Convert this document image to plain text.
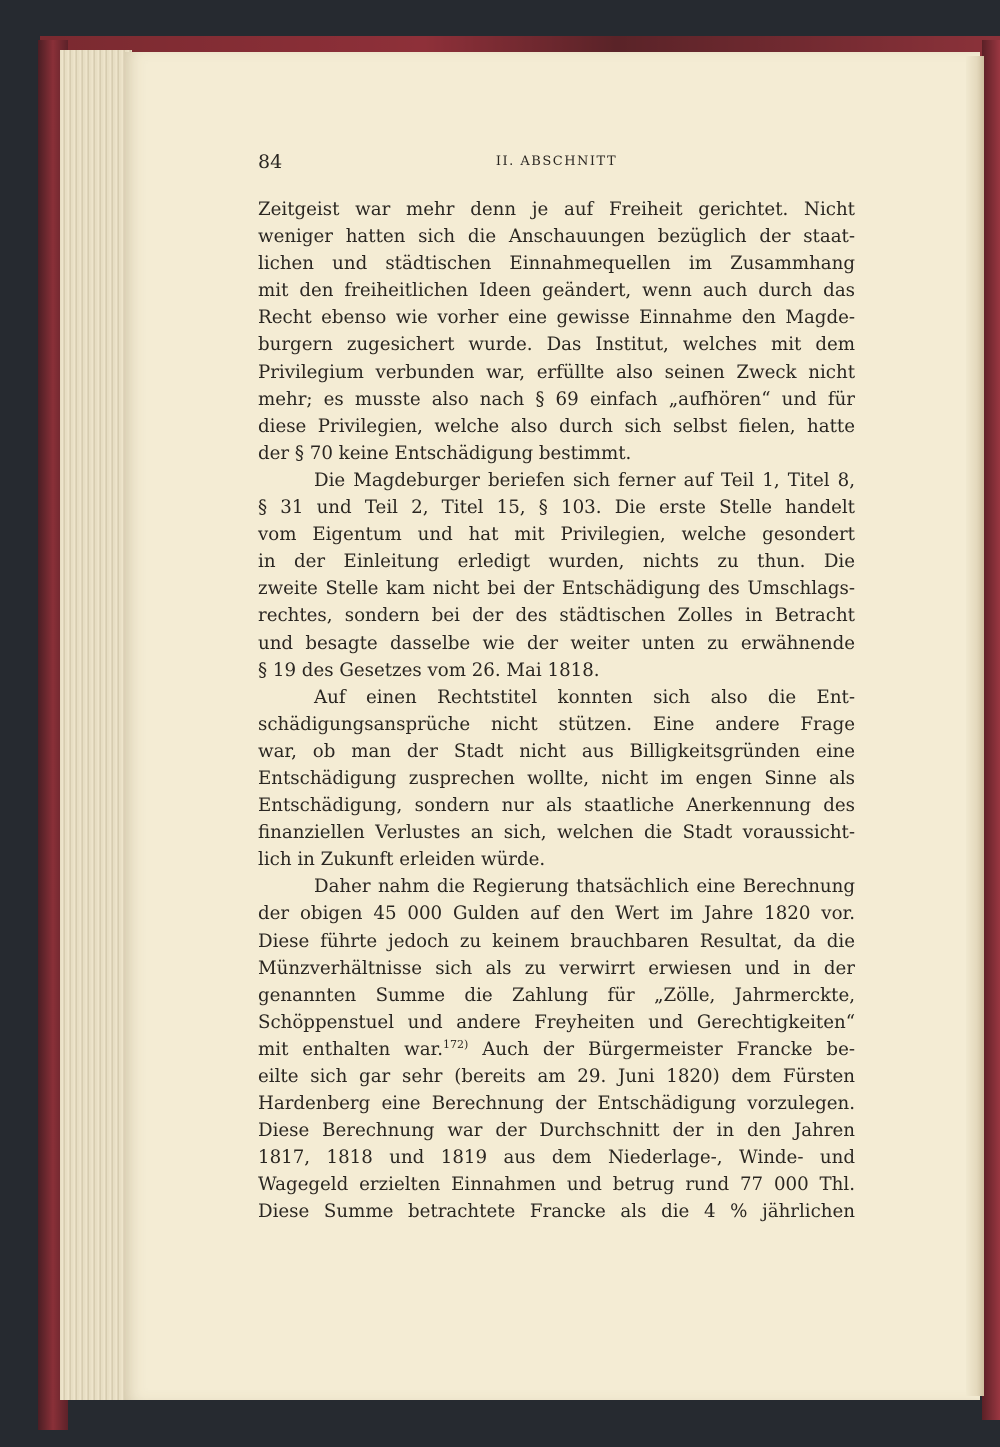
84	II. ABSCHNITT
Zeitgeist war mehr denn je auf Freiheit gerichtet. Nicht
weniger hatten sich die Anschauungen bezüglich der staat-
lichen und städtischen Einnahmequellen im Zusammhang
mit den freiheitlichen Ideen geändert, wenn auch durch das
Recht ebenso wie vorher eine gewisse Einnahme den Magde-
burgern zugesichert wurde. Das Institut, welches mit dem
Privilegium verbunden war, erfüllte also seinen Zweck nicht
mehr; es musste also nach § 69 einfach „aufhören“ und für
diese Privilegien, welche also durch sich selbst fielen, hatte
der § 70 keine Entschädigung bestimmt.
Die Magdeburger beriefen sich ferner auf Teil 1, Titel 8,
§ 31 und Teil 2, Titel 15, § 103. Die erste Stelle handelt
vom Eigentum und hat mit Privilegien, welche gesondert
in der Einleitung erledigt wurden, nichts zu thun. Die
zweite Stelle kam nicht bei der Entschädigung des Umschlags-
rechtes, sondern bei der des städtischen Zolles in Betracht
und besagte dasselbe wie der weiter unten zu erwähnende
§ 19 des Gesetzes vom 26. Mai 1818.
Auf einen Rechtstitel konnten sich also die Ent-
schädigungsansprüche nicht stützen. Eine andere Frage
war, ob man der Stadt nicht aus Billigkeitsgründen eine
Entschädigung zusprechen wollte, nicht im engen Sinne als
Entschädigung, sondern nur als staatliche Anerkennung des
finanziellen Verlustes an sich, welchen die Stadt voraussicht-
lich in Zukunft erleiden würde.
Daher nahm die Regierung thatsächlich eine Berechnung
der obigen 45 000 Gulden auf den Wert im Jahre 1820 vor.
Diese führte jedoch zu keinem brauchbaren Resultat, da die
Münzverhältnisse sich als zu verwirrt erwiesen und in der
genannten Summe die Zahlung für „Zölle, Jahrmerckte,
Schöppenstuel und andere Freyheiten und Gerechtigkeiten“
mit enthalten war.$^{172)}$ Auch der Bürgermeister Francke be-
eilte sich gar sehr (bereits am 29. Juni 1820) dem Fürsten
Hardenberg eine Berechnung der Entschädigung vorzulegen.
Diese Berechnung war der Durchschnitt der in den Jahren
1817, 1818 und 1819 aus dem Niederlage-, Winde- und
Wagegeld erzielten Einnahmen und betrug rund 77 000 Thl.
Diese Summe betrachtete Francke als die 4 % jährlichen
